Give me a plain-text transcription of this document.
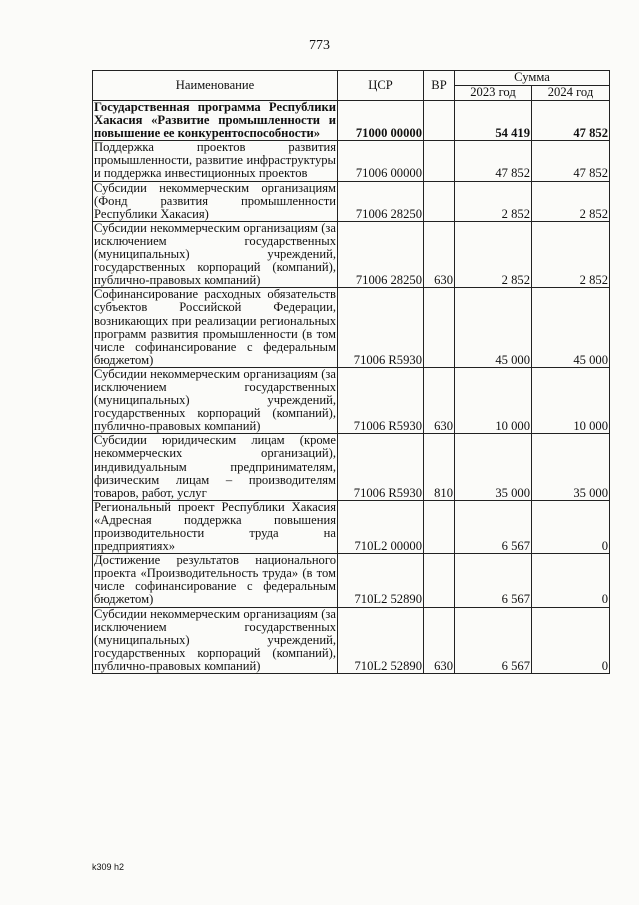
773
Наименование	ЦСР	ВР	Сумма	
			2023 год	2024 год
Государственная программа Республики Хакасия «Развитие промышленности и повышение ее конкурентоспособности»	71000 00000		54 419	47 852
Поддержка проектов развития промышленности, развитие инфраструктуры и поддержка инвестиционных проектов	71006 00000		47 852	47 852
Субсидии некоммерческим организациям (Фонд развития промышленности Республики Хакасия)	71006 28250		2 852	2 852
Субсидии некоммерческим организациям (за исключением государственных (муниципальных) учреждений, государственных корпораций (компаний), публично-правовых компаний)	71006 28250	630	2 852	2 852
Софинансирование расходных обязательств субъектов Российской Федерации, возникающих при реализации региональных программ развития промышленности (в том числе софинансирование с федеральным бюджетом)	71006 R5930		45 000	45 000
Субсидии некоммерческим организациям (за исключением государственных (муниципальных) учреждений, государственных корпораций (компаний), публично-правовых компаний)	71006 R5930	630	10 000	10 000
Субсидии юридическим лицам (кроме некоммерческих организаций), индивидуальным предпринимателям, физическим лицам – производителям товаров, работ, услуг	71006 R5930	810	35 000	35 000
Региональный проект Республики Хакасия «Адресная поддержка повышения производительности труда на предприятиях»	710L2 00000		6 567	0
Достижение результатов национального проекта «Производительность труда» (в том числе софинансирование с федеральным бюджетом)	710L2 52890		6 567	0
Субсидии некоммерческим организациям (за исключением государственных (муниципальных) учреждений, государственных корпораций (компаний), публично-правовых компаний)	710L2 52890	630	6 567	0
k309 h2
